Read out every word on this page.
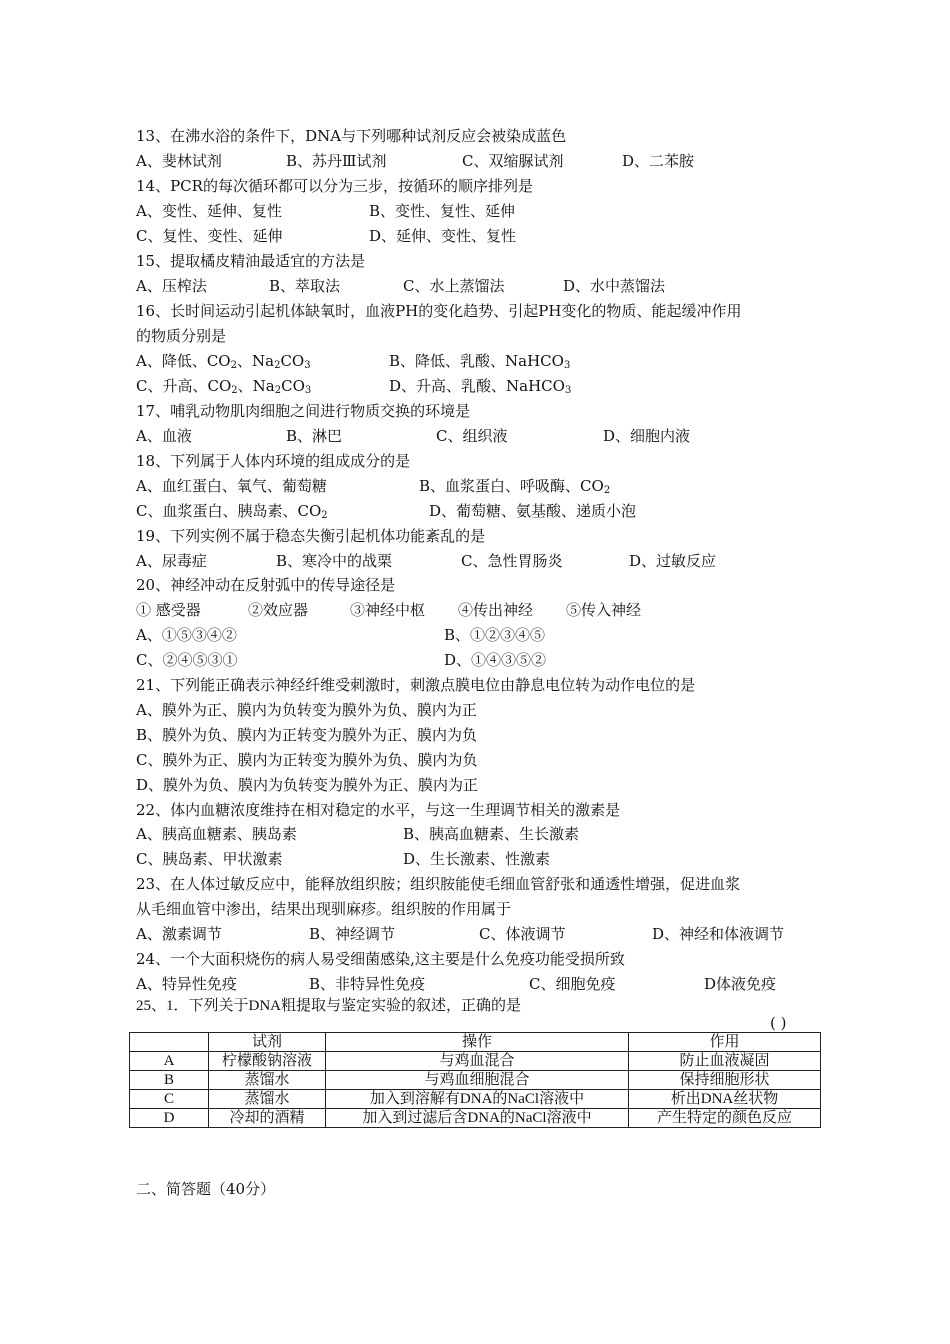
13、在沸水浴的条件下，DNA与下列哪种试剂反应会被染成蓝色
A、斐林试剂	B、苏丹Ⅲ试剂	C、双缩脲试剂	D、二苯胺
14、PCR的每次循环都可以分为三步，按循环的顺序排列是
A、变性、延伸、复性	B、变性、复性、延伸
C、复性、变性、延伸	D、延伸、变性、复性
15、提取橘皮精油最适宜的方法是
A、压榨法	B、萃取法	C、水上蒸馏法	D、水中蒸馏法
16、长时间运动引起机体缺氧时，血液PH的变化趋势、引起PH变化的物质、能起缓冲作用
的物质分别是
A、降低、$CO_2$、$Na_2CO_3$	B、降低、乳酸、NaHCO$_3$
C、升高、$CO_2$、$Na_2CO_3$	D、升高、乳酸、NaHCO$_3$
17、哺乳动物肌肉细胞之间进行物质交换的环境是
A、血液	B、淋巴	C、组织液	D、细胞内液
18、下列属于人体内环境的组成成分的是
A、血红蛋白、氧气、葡萄糖	B、血浆蛋白、呼吸酶、$CO_2$
C、血浆蛋白、胰岛素、$CO_2$	D、葡萄糖、氨基酸、递质小泡
19、下列实例不属于稳态失衡引起机体功能紊乱的是
A、尿毒症	B、寒冷中的战栗	C、急性胃肠炎	D、过敏反应
20、神经冲动在反射弧中的传导途径是
① 感受器	②效应器	③神经中枢 ④传出神经 ⑤传入神经
A、①⑤③④②	B、①②③④⑤
C、②④⑤③①	D、①④③⑤②
21、下列能正确表示神经纤维受刺激时，刺激点膜电位由静息电位转为动作电位的是
A、膜外为正、膜内为负转变为膜外为负、膜内为正
B、膜外为负、膜内为正转变为膜外为正、膜内为负
C、膜外为正、膜内为正转变为膜外为负、膜内为负
D、膜外为负、膜内为负转变为膜外为正、膜内为正
22、体内血糖浓度维持在相对稳定的水平，与这一生理调节相关的激素是
A、胰高血糖素、胰岛素	B、胰高血糖素、生长激素
C、胰岛素、甲状激素	D、生长激素、性激素
23、在人体过敏反应中，能释放组织胺；组织胺能使毛细血管舒张和通透性增强，促进血浆
从毛细血管中渗出，结果出现驯麻疹。组织胺的作用属于
A、激素调节	B、神经调节	C、体液调节	D、神经和体液调节
24、一个大面积烧伤的病人易受细菌感染,这主要是什么免疫功能受损所致
A、特异性免疫	B、非特异性免疫	C、细胞免疫	D体液免疫
25、1．下列关于DNA粗提取与鉴定实验的叙述，正确的是
( )
	试剂	操作	作用
A	柠檬酸钠溶液	与鸡血混合	防止血液凝固
B	蒸馏水	与鸡血细胞混合	保持细胞形状
C	蒸馏水	加入到溶解有DNA的NaCl溶液中	析出DNA丝状物
D	冷却的酒精	加入到过滤后含DNA的NaCl溶液中	产生特定的颜色反应
二、简答题（40分）
